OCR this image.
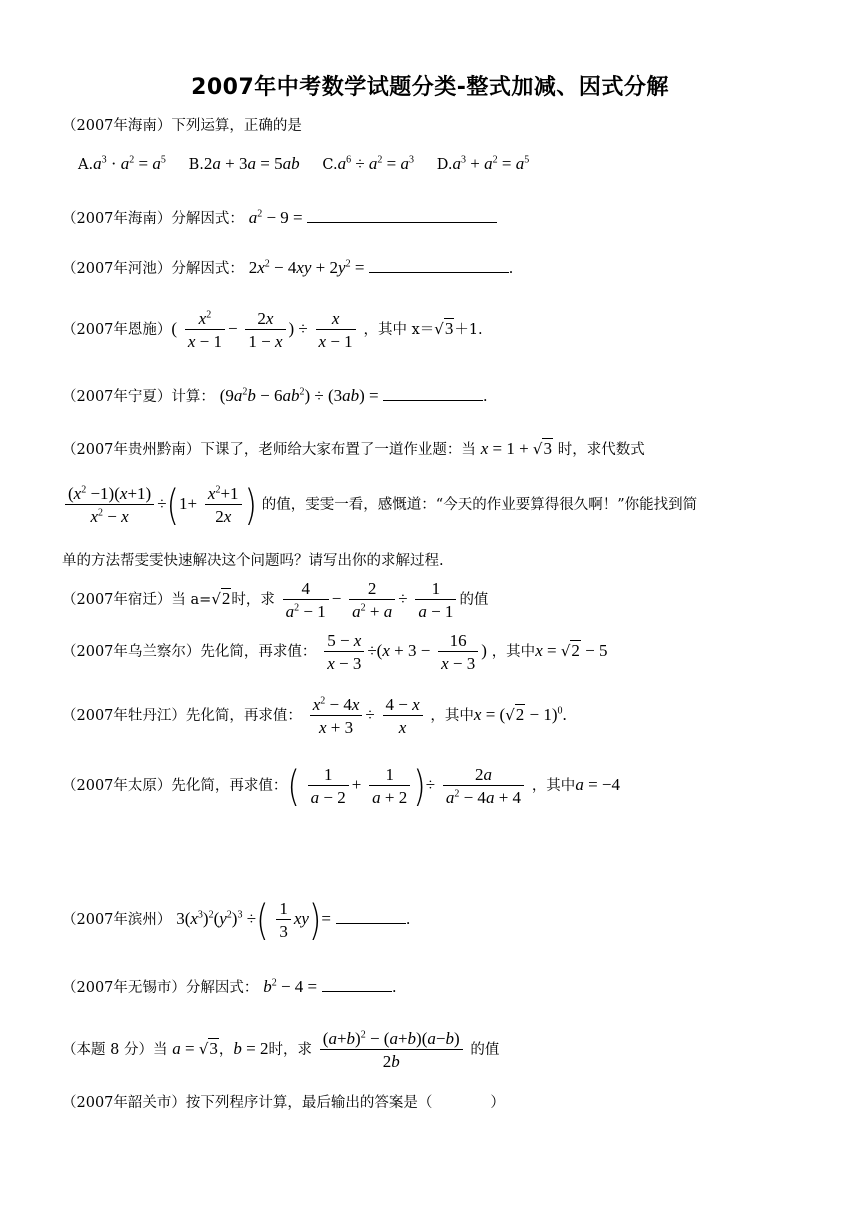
2007年中考数学试题分类-整式加减、因式分解
（2007年海南）下列运算，正确的是
$A.a^3 \cdot a^2 = a^5$ B.2a + 3a = 5ab $C.a^6 \div a^2 = a^3$ $D.a^3 + a^2 = a^5$
（2007年海南）分解因式： $a^2 - 9$ =
（2007年河池）分解因式： $2x^2 - 4xy + 2y^2$ =	.
（2007年恩施）( $\frac{x^2}{x - 1} - \frac{2x}{1 - x}$ ) ÷ $\frac{x}{x - 1}$ ，其中 x＝√3＋1.
（2007年宁夏）计算： $(9a^2b - 6ab^2) \div (3ab)$ =	.
（2007年贵州黔南）下课了，老师给大家布置了一道作业题：当 x = 1 + √3 时，求代数式
$\frac{(x^2 -1)(x+1)}{x^2 - x} \div(1+ \frac{x^2+1}{2x}$ ) 的值，雯雯一看，感慨道：“今天的作业要算得很久啊！”你能找到简
单的方法帮雯雯快速解决这个问题吗？请写出你的求解过程.
（2007年宿迁）当 a=√2时，求 $\frac{4}{a^2 - 1} - \frac{2}{a^2 + a} \div \frac{1}{a - 1}$ 的值
（2007年乌兰察尔）先化简，再求值： $\frac{5 - x}{x - 3} \div(x + 3 - \frac{16}{x - 3}$ ) ，其中x = √2 − 5
（2007年牡丹江）先化简，再求值： $\frac{x^2 - 4x}{x + 3} \div \frac{4 - x}{x}$ ，其中$x = (√2 - 1)^0$.
（2007年太原）先化简，再求值：( $\frac{1}{a - 2} + \frac{1}{a + 2}$ )÷ $\frac{2a}{a^2 - 4a + 4}$ ，其中a = −4
（2007年滨州） $3(x^3)^2(y^2)^3$ ÷( $\frac{1}{3} xy)=$	.
（2007年无锡市）分解因式： $b^2 - 4$ =	.
（本题 8 分）当 a = √3，b = 2时，求 $\frac{(a+b)^2 - (a+b)(a-b)}{2b}$ 的值
（2007年韶关市）按下列程序计算，最后输出的答案是（　　　　）
